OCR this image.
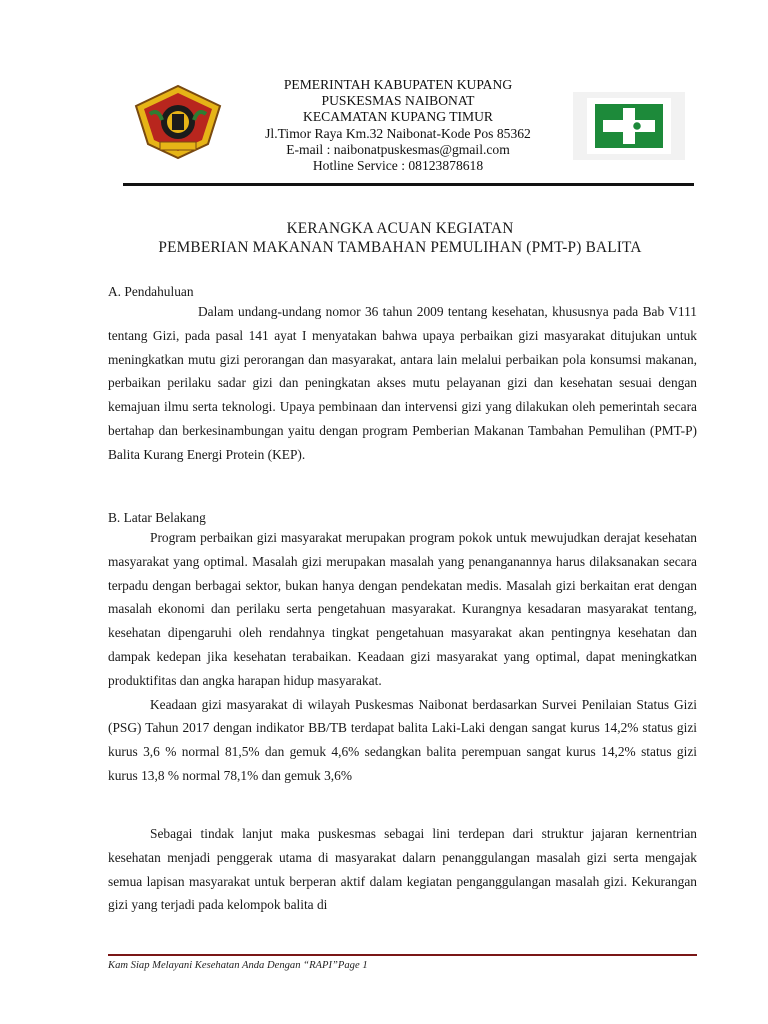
PEMERINTAH KABUPATEN KUPANG
PUSKESMAS NAIBONAT
KECAMATAN KUPANG TIMUR
Jl.Timor Raya Km.32 Naibonat-Kode Pos 85362
E-mail : naibonatpuskesmas@gmail.com
Hotline Service : 08123878618
KERANGKA ACUAN KEGIATAN
PEMBERIAN MAKANAN TAMBAHAN PEMULIHAN (PMT-P) BALITA
A. Pendahuluan

Dalam undang-undang nomor 36 tahun 2009 tentang kesehatan, khususnya pada Bab V111 tentang Gizi, pada pasal 141 ayat I menyatakan bahwa upaya perbaikan gizi masyarakat ditujukan untuk meningkatkan mutu gizi perorangan dan masyarakat, antara lain melalui perbaikan pola konsumsi makanan, perbaikan perilaku sadar gizi dan peningkatan akses mutu pelayanan gizi dan kesehatan sesuai dengan kemajuan ilmu serta teknologi. Upaya pembinaan dan intervensi gizi yang dilakukan oleh pemerintah secara bertahap dan berkesinambungan yaitu dengan program Pemberian Makanan Tambahan Pemulihan (PMT-P) Balita Kurang Energi Protein (KEP).

B. Latar Belakang

Program perbaikan gizi masyarakat merupakan program pokok untuk mewujudkan derajat kesehatan masyarakat yang optimal. Masalah gizi merupakan masalah yang penanganannya harus dilaksanakan secara terpadu dengan berbagai sektor, bukan hanya dengan pendekatan medis. Masalah gizi berkaitan erat dengan masalah ekonomi dan perilaku serta pengetahuan masyarakat. Kurangnya kesadaran masyarakat tentang, kesehatan dipengaruhi oleh rendahnya tingkat pengetahuan masyarakat akan pentingnya kesehatan dan dampak kedepan jika kesehatan terabaikan. Keadaan gizi masyarakat yang optimal, dapat meningkatkan produktifitas dan angka harapan hidup masyarakat.

Keadaan gizi masyarakat di wilayah Puskesmas Naibonat berdasarkan Survei Penilaian Status Gizi (PSG) Tahun 2017 dengan indikator BB/TB terdapat balita Laki-Laki dengan sangat kurus 14,2% status gizi kurus 3,6 % normal 81,5% dan gemuk 4,6% sedangkan balita perempuan sangat kurus 14,2% status gizi kurus 13,8 % normal 78,1% dan gemuk 3,6%

Sebagai tindak lanjut maka puskesmas sebagai lini terdepan dari struktur jajaran kernentrian kesehatan menjadi penggerak utama di masyarakat dalarn penanggulangan masalah gizi serta mengajak semua lapisan masyarakat untuk berperan aktif dalam kegiatan penganggulangan masalah gizi. Kekurangan gizi yang terjadi pada kelompok balita di

Kam Siap Melayani Kesehatan Anda Dengan “RAPI”Page 1
